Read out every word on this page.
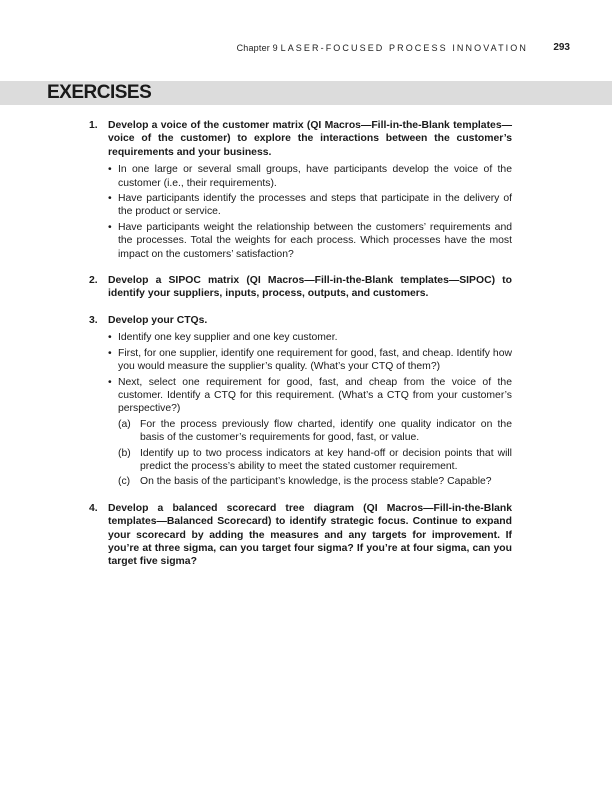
Chapter 9 LASER-FOCUSED PROCESS INNOVATION	293
EXERCISES
1. Develop a voice of the customer matrix (QI Macros—Fill-in-the-Blank templates—voice of the customer) to explore the interactions between the customer’s requirements and your business.
• In one large or several small groups, have participants develop the voice of the customer (i.e., their requirements).
• Have participants identify the processes and steps that participate in the delivery of the product or service.
• Have participants weight the relationship between the customers’ requirements and the processes. Total the weights for each process. Which processes have the most impact on the customers’ satisfaction?
2. Develop a SIPOC matrix (QI Macros—Fill-in-the-Blank templates—SIPOC) to identify your suppliers, inputs, process, outputs, and customers.
3. Develop your CTQs.
• Identify one key supplier and one key customer.
• First, for one supplier, identify one requirement for good, fast, and cheap. Identify how you would measure the supplier’s quality. (What’s your CTQ of them?)
• Next, select one requirement for good, fast, and cheap from the voice of the customer. Identify a CTQ for this requirement. (What’s a CTQ from your customer’s perspective?)
(a) For the process previously flow charted, identify one quality indicator on the basis of the customer’s requirements for good, fast, or value.
(b) Identify up to two process indicators at key hand-off or decision points that will predict the process’s ability to meet the stated customer requirement.
(c) On the basis of the participant’s knowledge, is the process stable? Capable?
4. Develop a balanced scorecard tree diagram (QI Macros—Fill-in-the-Blank templates—Balanced Scorecard) to identify strategic focus. Continue to expand your scorecard by adding the measures and any targets for improvement. If you’re at three sigma, can you target four sigma? If you’re at four sigma, can you target five sigma?
